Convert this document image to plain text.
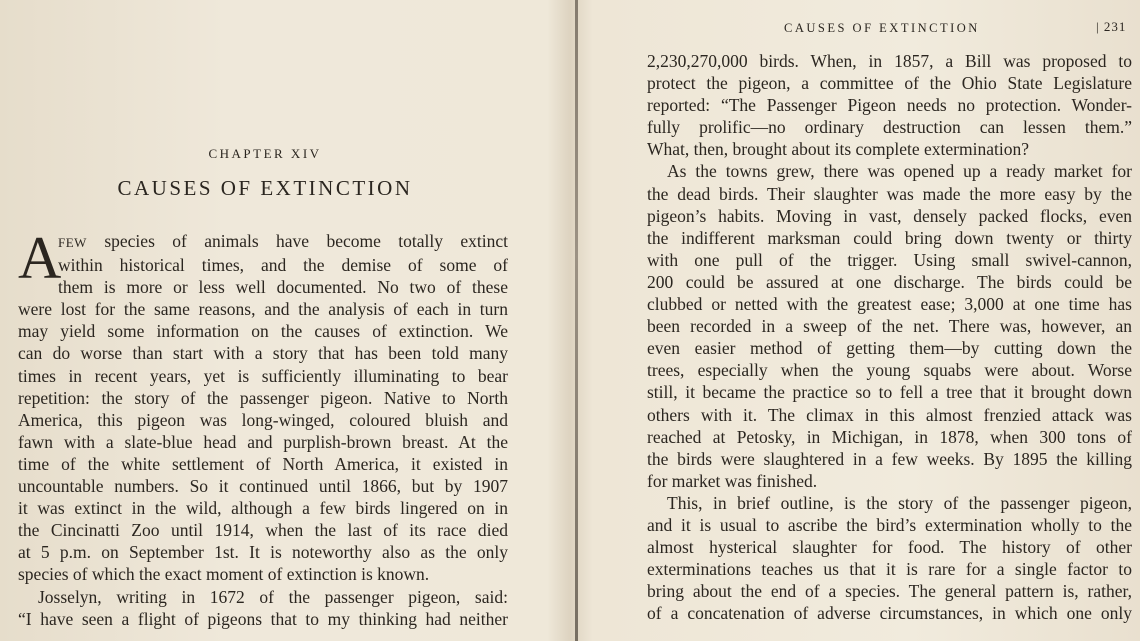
CHAPTER XIV
CAUSES OF EXTINCTION
A
FEW species of animals have become totally extinct
within historical times, and the demise of some of
them is more or less well documented. No two of these
were lost for the same reasons, and the analysis of each in turn
may yield some information on the causes of extinction. We
can do worse than start with a story that has been told many
times in recent years, yet is sufficiently illuminating to bear
repetition: the story of the passenger pigeon. Native to North
America, this pigeon was long-winged, coloured bluish and
fawn with a slate-blue head and purplish-brown breast. At the
time of the white settlement of North America, it existed in
uncountable numbers. So it continued until 1866, but by 1907
it was extinct in the wild, although a few birds lingered on in
the Cincinatti Zoo until 1914, when the last of its race died
at 5 p.m. on September 1st. It is noteworthy also as the only
species of which the exact moment of extinction is known.
Josselyn, writing in 1672 of the passenger pigeon, said:
“I have seen a flight of pigeons that to my thinking had neither
CAUSES OF EXTINCTION	| 231
2,230,270,000 birds. When, in 1857, a Bill was proposed to
protect the pigeon, a committee of the Ohio State Legislature
reported: “The Passenger Pigeon needs no protection. Wonder-
fully prolific—no ordinary destruction can lessen them.”
What, then, brought about its complete extermination?
As the towns grew, there was opened up a ready market for
the dead birds. Their slaughter was made the more easy by the
pigeon’s habits. Moving in vast, densely packed flocks, even
the indifferent marksman could bring down twenty or thirty
with one pull of the trigger. Using small swivel-cannon,
200 could be assured at one discharge. The birds could be
clubbed or netted with the greatest ease; 3,000 at one time has
been recorded in a sweep of the net. There was, however, an
even easier method of getting them—by cutting down the
trees, especially when the young squabs were about. Worse
still, it became the practice so to fell a tree that it brought down
others with it. The climax in this almost frenzied attack was
reached at Petosky, in Michigan, in 1878, when 300 tons of
the birds were slaughtered in a few weeks. By 1895 the killing
for market was finished.
This, in brief outline, is the story of the passenger pigeon,
and it is usual to ascribe the bird’s extermination wholly to the
almost hysterical slaughter for food. The history of other
exterminations teaches us that it is rare for a single factor to
bring about the end of a species. The general pattern is, rather,
of a concatenation of adverse circumstances, in which one only
